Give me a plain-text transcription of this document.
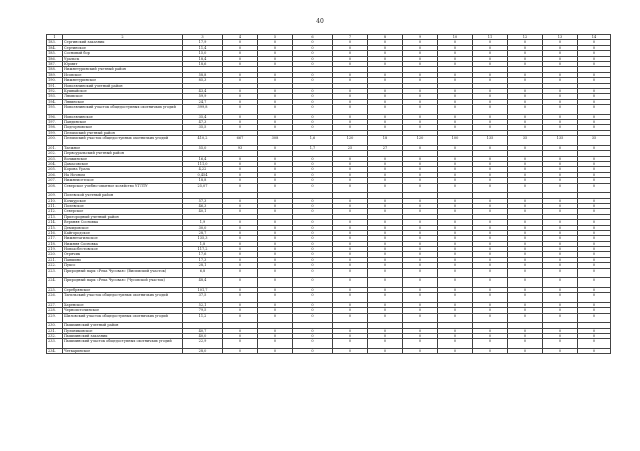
40
1	2	3	4	5	6	7	8	9	10	11	12	13	14
183.	Сергинский заказник	17,9	0	0	0	0	0	0	0	0	0	0	0
184.	Сертинское	11,4	0	0	0	0	0	0	0	0	0	0	0
185.	Сосновый бор	15,0	0	0	0	0	0	0	0	0	0	0	0
186.	Уральск	18,4	0	0	0	0	0	0	0	0	0	0	0
187.	Юрмит	18,6	0	0	0	0	0	0	0	0	0	0	0
188.	Нижнетуринский учетный район												
189.	Исовское	58,8	0	0	0	0	0	0	0	0	0	0	0
190.	Нижнетуринское	85,3	0	0	0	0	0	0	0	0	0	0	0
191.	Новолялинский учетный район												
192.	Кушвайское	43,4	0	0	0	0	0	0	0	0	0	0	0
193.	Лямпское	59,9	0	0	0	0	0	0	0	0	0	0	0
194.	Лявинское	24,7	0	0	0	0	0	0	0	0	0	0	0
195.	Новолялинский участок общедоступных охотничьих угодий	399,8	0	0	0	0	0	0	0	0	0	0	0
196.	Новолялинское	35,4	0	0	0	0	0	0	0	0	0	0	0
197.	Павдинское	47,3	0	0	0	0	0	0	0	0	0	0	0
198.	Подгорновское	35,5	0	0	0	0	0	0	0	0	0	0	0
199.	Пелымский учетный район												
200.	Пелымский участок общедоступных охотничьих угодий	410,2	667	308	1,6	120	18	120	100	135	35	135	35
201.	Таежное	55,0	93	0	1,7	25	27	0	0	0	0	0	0
202.	Первоуральский учетный район												
203.	Волжинское	16,4	0	0	0	0	0	0	0	0	0	0	0
204.	Дамасовское	111,0	0	0	0	0	0	0	0	0	0	0	0
205.	Корона Урала	4,22	0	0	0	0	0	0	0	0	0	0	0
206.	На Ночном	0,454	0	0	0	0	0	0	0	0	0	0	0
207.	Нижнеисетское	18,8	0	0	0	0	0	0	0	0	0	0	0
208.	Северское учебно-опытное хозяйство УГЛТУ	25,07	0	0	0	0	0	0	0	0	0	0	0
209.	Полевской учетный район												
210.	Кочкурское	57,3	0	0	0	0	0	0	0	0	0	0	0
211.	Полевское	46,3	0	0	0	0	0	0	0	0	0	0	0
212.	Северское	40,1	0	0	0	0	0	0	0	0	0	0	0
213.	Пригородный учетный район												
214.	Верхняя Сосновка	1,9	0	0	0	0	0	0	0	0	0	0	0
215.	Демидовское	30,0	0	0	0	0	0	0	0	0	0	0	0
216.	Кайгородское	28,7	0	0	0	0	0	0	0	0	0	0	0
217.	Нижнетагильское	135,3	0	0	0	0	0	0	0	0	0	0	0
218.	Нижняя Сосновка	1,8	0	0	0	0	0	0	0	0	0	0	0
219.	Новоасбестовское	117,2	0	0	0	0	0	0	0	0	0	0	0
220.	Отрячик	17,6	0	0	0	0	0	0	0	0	0	0	0
221.	Павшино	17,3	0	0	0	0	0	0	0	0	0	0	0
222.	Пуксо	28,1	0	0	0	0	0	0	0	0	0	0	0
223.	Природный парк «Река Чусовая» (Висимский участок)	6,8	0	0	0	0	0	0	0	0	0	0	0
224.	Природный парк «Река Чусовая» (Чусовской участок)	48,4	0	0	0	0	0	0	0	0	0	0	0
225.	Серебрянское	101,7	0	0	0	0	0	0	0	0	0	0	0
226.	Тагильский участок общедоступных охотничьих угодий	37,5	0	0	0	0	0	0	0	0	0	0	0
227.	Харенское	52,1	0	0	0	0	0	0	0	0	0	0	0
228.	Черноисточинское	79,5	0	0	0	0	0	0	0	0	0	0	0
229.	Шиловский участок общедоступных охотничьих угодий	11,2	0	0	0	0	0	0	0	0	0	0	0
230.	Пышминский учетный район												
231.	Пульниковское	40,7	0	0	0	0	0	0	0	0	0	0	0
232.	Пышминский заказник	40,0	0	0	0	0	0	0	0	0	0	0	0
233.	Пышминский участок общедоступных охотничьих угодий	22,9	0	0	0	0	0	0	0	0	0	0	0
234.	Четкаринское	28,0	0	0	0	0	0	0	0	0	0	0	0
